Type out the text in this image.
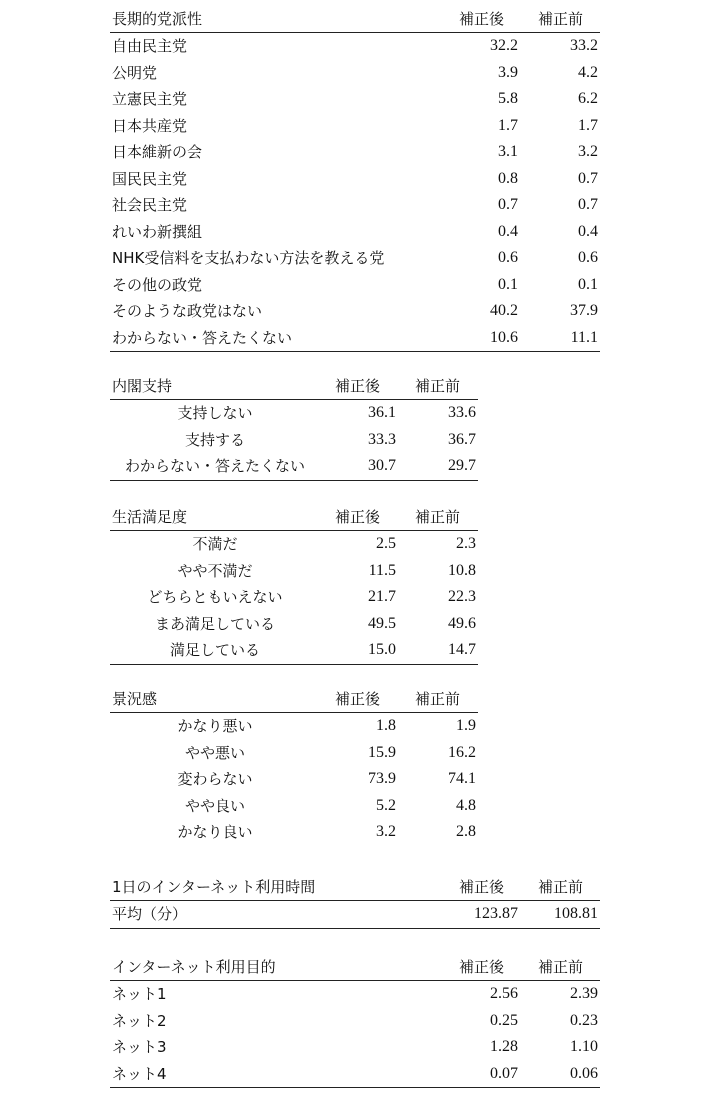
長期的党派性	補正後 補正前
自由民主党	32.2	33.2
公明党	3.9	4.2
立憲民主党	5.8	6.2
日本共産党	1.7	1.7
日本維新の会	3.1	3.2
国民民主党	0.8	0.7
社会民主党	0.7	0.7
れいわ新撰組	0.4	0.4
NHK受信料を支払わない方法を教える党	0.6	0.6
その他の政党	0.1	0.1
そのような政党はない	40.2	37.9
わからない・答えたくない	10.6	11.1
内閣支持	補正後 補正前
支持しない	36.1	33.6
支持する	33.3	36.7
わからない・答えたくない	30.7	29.7
生活満足度	補正後 補正前
不満だ	2.5	2.3
やや不満だ	11.5	10.8
どちらともいえない	21.7	22.3
まあ満足している	49.5	49.6
満足している	15.0	14.7
景況感	補正後 補正前
かなり悪い	1.8	1.9
やや悪い	15.9	16.2
変わらない	73.9	74.1
やや良い	5.2	4.8
かなり良い	3.2	2.8
1日のインターネット利用時間	補正後 補正前
平均（分）	123.87 108.81
インターネット利用目的	補正後 補正前
ネット1	2.56	2.39
ネット2	0.25	0.23
ネット3	1.28	1.10
ネット4	0.07	0.06
